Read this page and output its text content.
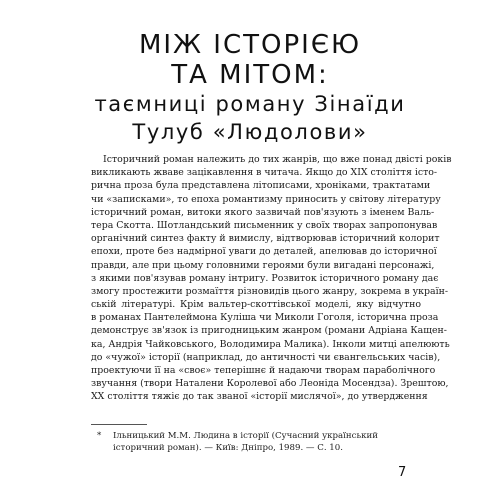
МІЖ ІСТОРІЄЮ
ТА МІТОМ:
таємниці роману Зінаїди
Тулуб «Людолови»
Історичний роман належить до тих жанрів, що вже понад двісті років
викликають жваве зацікавлення в читача. Якщо до XIX століття істо-
рична проза була представлена літописами, хроніками, трактатами
чи «записками», то епоха романтизму приносить у світову літературу
історичний роман, витоки якого зазвичай пов'язують з іменем Валь-
тера Скотта. Шотландський письменник у своїх творах запропонував
органічний синтез факту й вимислу, відтворював історичний колорит
епохи, проте без надмірної уваги до деталей, апелював до історичної
правди, але при цьому головними героями були вигадані персонажі,
з якими пов'язував роману інтригу. Розвиток історичного роману дає
змогу простежити розмаїття різновидів цього жанру, зокрема в україн-
ській літературі. Крім вальтер-скоттівської моделі, яку відчутно
в романах Пантелеймона Куліша чи Миколи Гоголя, історична проза
демонструє зв'язок із пригодницьким жанром (романи Адріана Кащен-
ка, Андрія Чайковського, Володимира Малика). Інколи митці апелюють
до «чужої» історії (наприклад, до античності чи євангельських часів),
проектуючи її на «своє» теперішнє й надаючи творам параболічного
звучання (твори Наталени Королевої або Леоніда Мосендза). Зрештою,
XX століття тяжіє до так званої «історії мислячої», до утвердження
* Ільницький М.М. Людина в історії (Сучасний український
історичний роман). — Київ: Дніпро, 1989. — С. 10.
7
